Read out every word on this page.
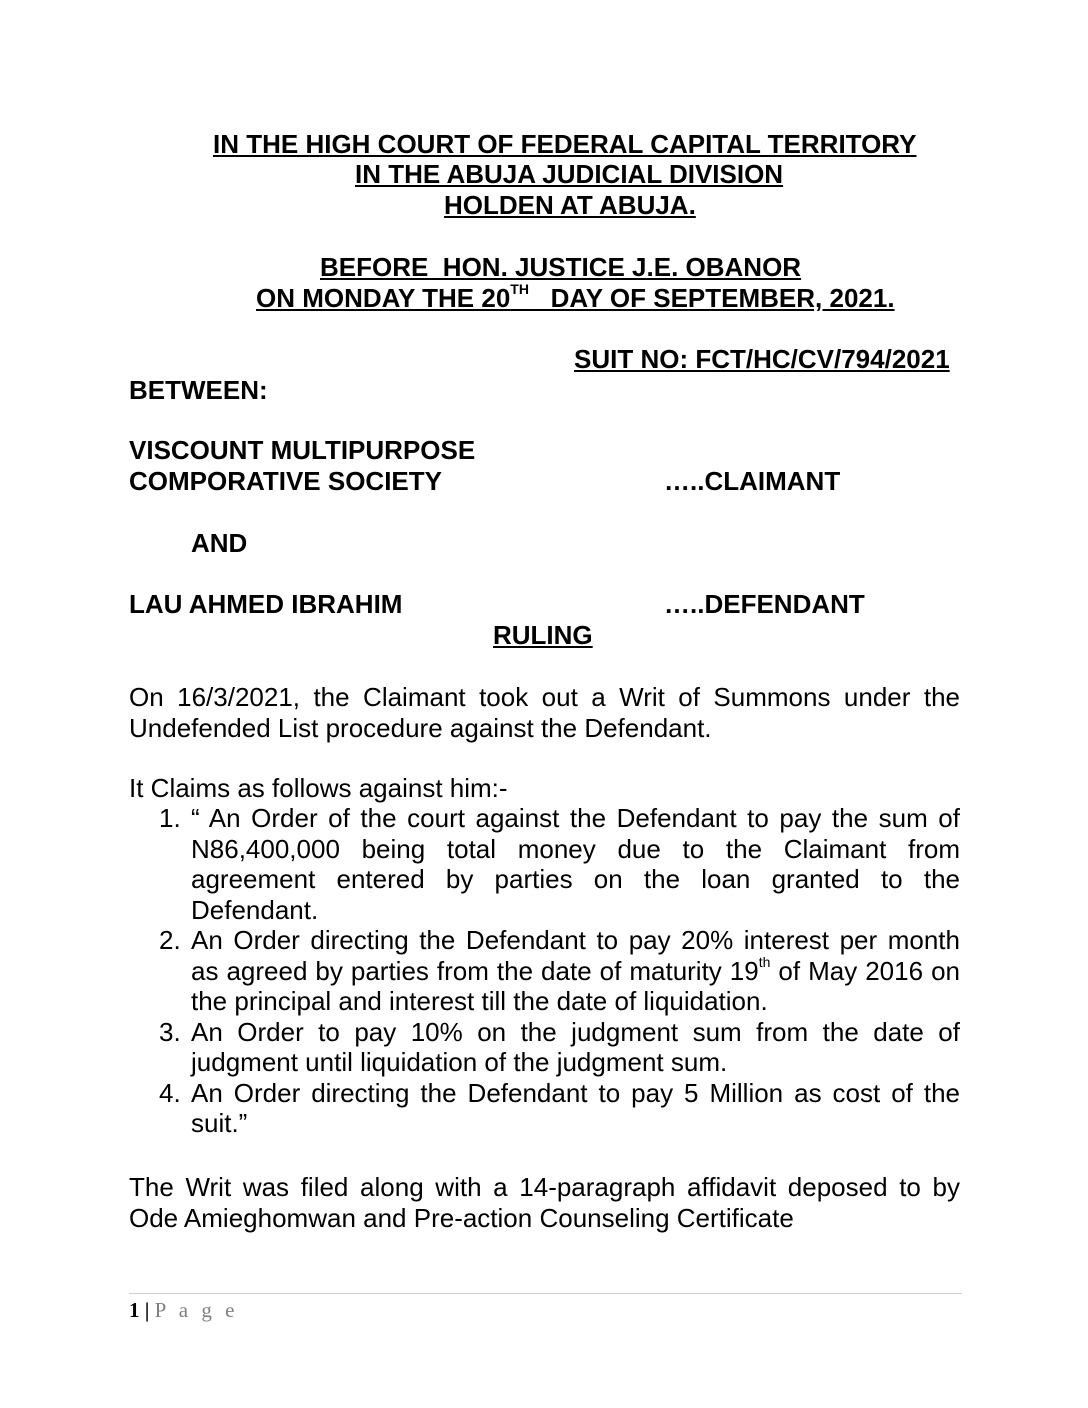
IN THE HIGH COURT OF FEDERAL CAPITAL TERRITORY
IN THE ABUJA JUDICIAL DIVISION
HOLDEN AT ABUJA.
BEFORE  HON. JUSTICE J.E. OBANOR
ON MONDAY THE 20TH   DAY OF SEPTEMBER, 2021.
SUIT NO: FCT/HC/CV/794/2021
BETWEEN:
VISCOUNT MULTIPURPOSE
COMPORATIVE SOCIETY	…..CLAIMANT
AND
LAU AHMED IBRAHIM	…..DEFENDANT
RULING
On 16/3/2021, the Claimant took out a Writ of Summons under the Undefended List procedure against the Defendant.
It Claims as follows against him:-
1. “ An Order of the court against the Defendant to pay the sum of N86,400,000 being total money due to the Claimant from agreement entered by parties on the loan granted to the Defendant.
2. An Order directing the Defendant to pay 20% interest per month as agreed by parties from the date of maturity 19th of May 2016 on the principal and interest till the date of liquidation.
3. An Order to pay 10% on the judgment sum from the date of judgment until liquidation of the judgment sum.
4. An Order directing the Defendant to pay 5 Million as cost of the suit.”
The Writ was filed along with a 14-paragraph affidavit deposed to by Ode Amieghomwan and Pre-action Counseling Certificate
1 | P a g e
